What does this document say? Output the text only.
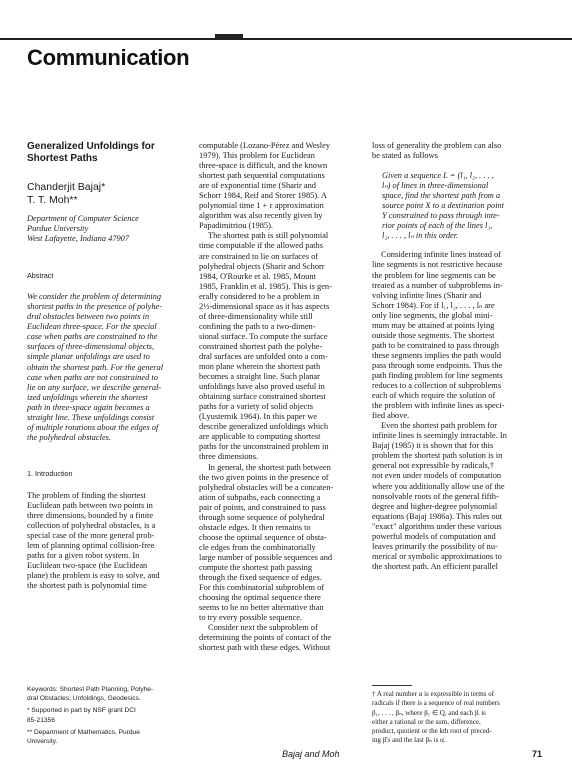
Communication
Generalized Unfoldings for
Shortest Paths
Chanderjit Bajaj*
T. T. Moh**
Department of Computer Science
Purdue University
West Lafayette, Indiana 47907
Abstract
We consider the problem of determining
shortest paths in the presence of polyhe-
dral obstacles between two points in
Euclidean three-space. For the special
case when paths are constrained to the
surfaces of three-dimensional objects,
simple planar unfoldings are used to
obtain the shortest path. For the general
case when paths are not constrained to
lie on any surface, we describe general-
ized unfoldings wherein the shortest
path in three-space again becomes a
straight line. These unfoldings consist
of multiple rotations about the edges of
the polyhedral obstacles.
1. Introduction
The problem of finding the shortest
Euclidean path between two points in
three dimensions, bounded by a finite
collection of polyhedral obstacles, is a
special case of the more general prob-
lem of planning optimal collision-free
paths for a given robot system. In
Euclidean two-space (the Euclidean
plane) the problem is easy to solve, and
the shortest path is polynomial time
Keywords: Shortest Path Planning, Polyhe-
dral Obstacles, Unfoldings, Geodesics.
* Supported in part by NSF grant DCI
85-21356
** Department of Mathematics, Purdue
University.
computable (Lozano-Pérez and Wesley
1979). This problem for Euclidean
three-space is difficult, and the known
shortest path sequential computations
are of exponential time (Sharir and
Schorr 1984, Reif and Storer 1985). A
polynomial time 1 + ε approximation
algorithm was also recently given by
Papadimitriou (1985).
The shortest path is still polynomial
time computable if the allowed paths
are constrained to lie on surfaces of
polyhedral objects (Sharir and Schorr
1984, O'Rourke et al. 1985, Mount
1985, Franklin et al. 1985). This is gen-
erally considered to be a problem in
2½-dimensional space as it has aspects
of three-dimensionality while still
confining the path to a two-dimen-
sional surface. To compute the surface
constrained shortest path the polyhe-
dral surfaces are unfolded onto a com-
mon plane wherein the shortest path
becomes a straight line. Such planar
unfoldings have also proved useful in
obtaining surface constrained shortest
paths for a variety of solid objects
(Lyusternik 1964). In this paper we
describe generalized unfoldings which
are applicable to computing shortest
paths for the unconstrained problem in
three dimensions.
In general, the shortest path between
the two given points in the presence of
polyhedral obstacles will be a concaten-
ation of subpaths, each connecting a
pair of points, and constrained to pass
through some sequence of polyhedral
obstacle edges. It then remains to
choose the optimal sequence of obsta-
cle edges from the combinatorially
large number of possible sequences and
compute the shortest path passing
through the fixed sequence of edges.
For this combinatorial subproblem of
choosing the optimal sequence there
seems to be no better alternative than
to try every possible sequence.
Consider next the subproblem of
determining the points of contact of the
shortest path with these edges. Without
loss of generality the problem can also
be stated as follows
Given a sequence L = (l₁, l₂, . . . ,
lₙ) of lines in three-dimensional
space, find the shortest path from a
source point X to a destination point
Y constrained to pass through inte-
rior points of each of the lines l₁,
l₂, . . . , lₙ in this order.
Considering infinite lines instead of
line segments is not restrictive because
the problem for line segments can be
treated as a number of subproblems in-
volving infinite lines (Sharir and
Schorr 1984). For if l₁, l₂, . . . , lₙ are
only line segments, the global mini-
mum may be attained at points lying
outside those segments. The shortest
path to be constrained to pass through
these segments implies the path would
pass through some endpoints. Thus the
path finding problem for line segments
reduces to a collection of subproblems
each of which require the solution of
the problem with infinite lines as speci-
fied above.
Even the shortest path problem for
infinite lines is seemingly intractable. In
Bajaj (1985) it is shown that for this
problem the shortest path solution is in
general not expressible by radicals,†
not even under models of computation
where you additionally allow use of the
nonsolvable roots of the general fifth-
degree and higher-degree polynomial
equations (Bajaj 1986a). This rules out
"exact" algorithms under these various
powerful models of computation and
leaves primarily the possibility of nu-
merical or symbolic approximations to
the shortest path. An efficient parallel
† A real number α is expressible in terms of
radicals if there is a sequence of real numbers
β₁, . . . , βₙ, where β₁ ∈ Q, and each βᵢ is
either a rational or the sum, difference,
product, quotient or the kth root of preced-
ing β's and the last βₙ is α.
Bajaj and Moh	71
